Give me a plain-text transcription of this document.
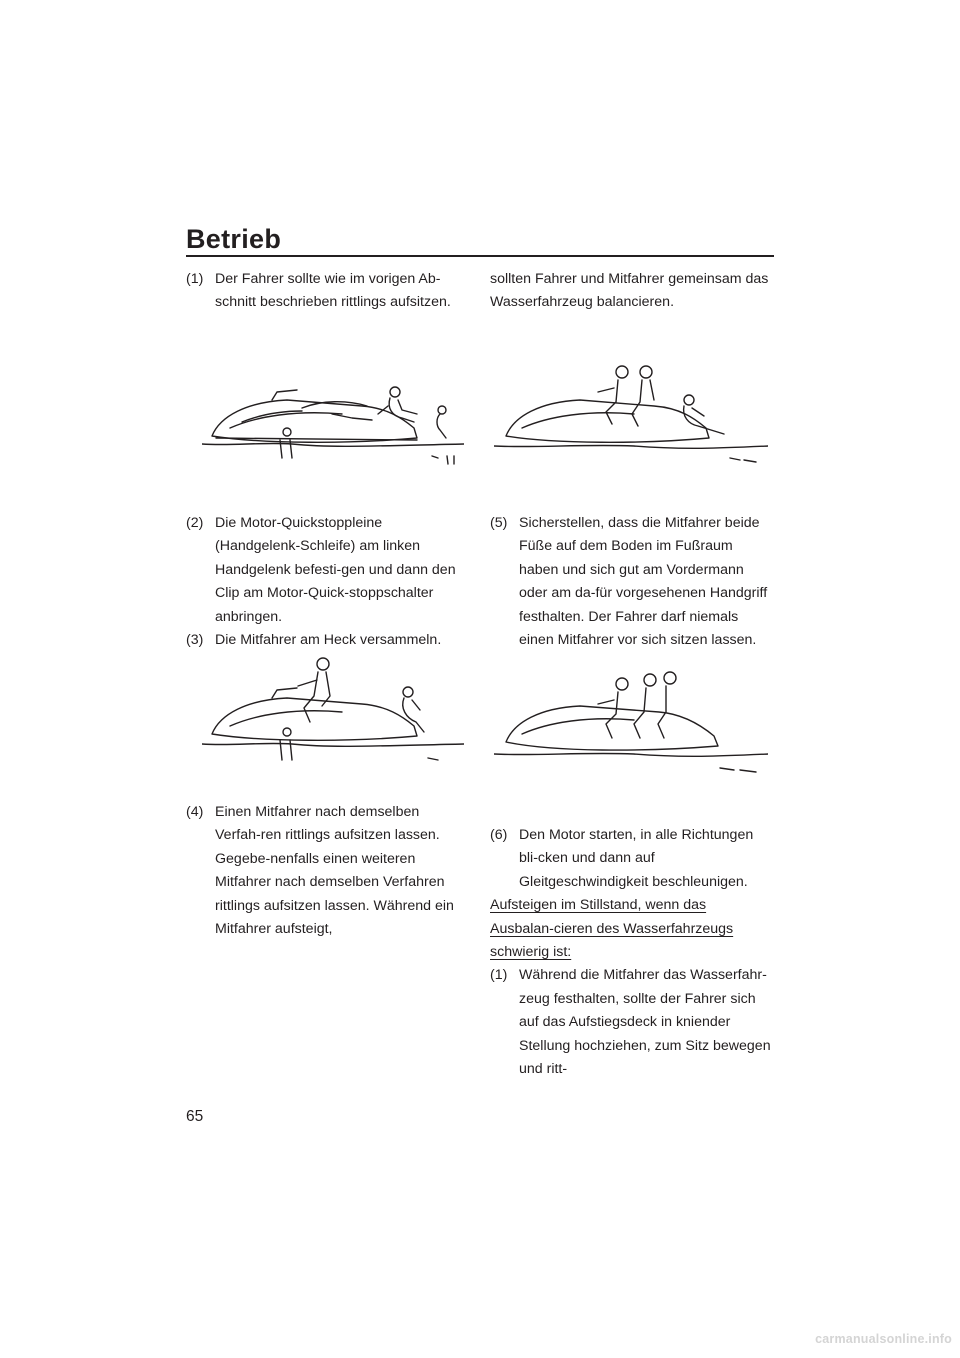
Betrieb

(1) Der Fahrer sollte wie im vorigen Ab-schnitt beschrieben rittlings aufsitzen.

(2) Die Motor-Quickstoppleine (Handgelenk-Schleife) am linken Handgelenk befesti-gen und dann den Clip am Motor-Quick-stoppschalter anbringen.

(3) Die Mitfahrer am Heck versammeln.

(4) Einen Mitfahrer nach demselben Verfah-ren rittlings aufsitzen lassen. Gegebe-nenfalls einen weiteren Mitfahrer nach demselben Verfahren rittlings aufsitzen lassen. Während ein Mitfahrer aufsteigt,

sollten Fahrer und Mitfahrer gemeinsam das Wasserfahrzeug balancieren.

(5) Sicherstellen, dass die Mitfahrer beide Füße auf dem Boden im Fußraum haben und sich gut am Vordermann oder am da-für vorgesehenen Handgriff festhalten. Der Fahrer darf niemals einen Mitfahrer vor sich sitzen lassen.

(6) Den Motor starten, in alle Richtungen bli-cken und dann auf Gleitgeschwindigkeit beschleunigen.

Aufsteigen im Stillstand, wenn das Ausbalan-cieren des Wasserfahrzeugs schwierig ist:

(1) Während die Mitfahrer das Wasserfahr-zeug festhalten, sollte der Fahrer sich auf das Aufstiegsdeck in kniender Stellung hochziehen, zum Sitz bewegen und ritt-

65
carmanualsonline.info
